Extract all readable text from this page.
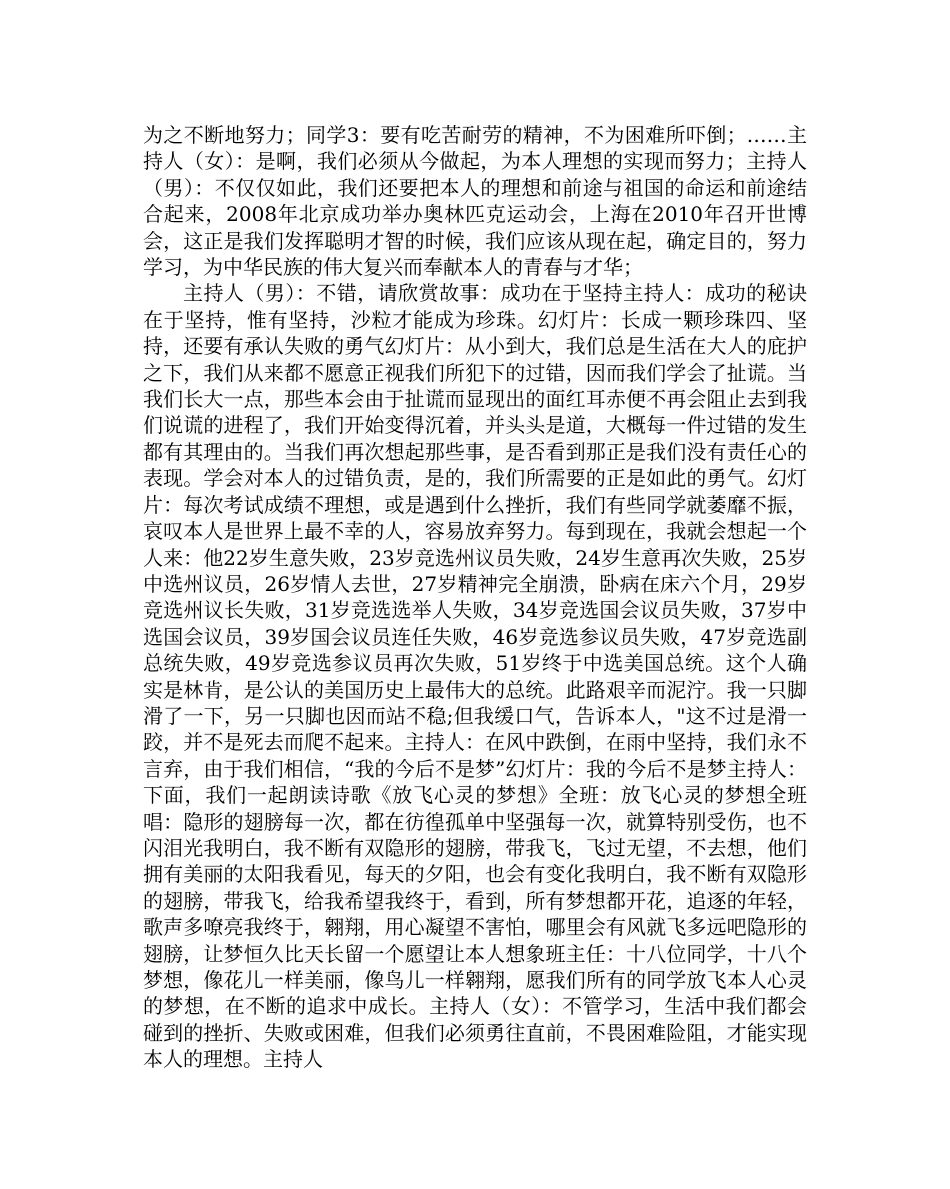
为之不断地努力；同学3：要有吃苦耐劳的精神，不为困难所吓倒；……主持人（女）：是啊，我们必须从今做起，为本人理想的实现而努力；主持人（男）：不仅仅如此，我们还要把本人的理想和前途与祖国的命运和前途结合起来，2008年北京成功举办奥林匹克运动会，上海在2010年召开世博会，这正是我们发挥聪明才智的时候，我们应该从现在起，确定目的，努力学习，为中华民族的伟大复兴而奉献本人的青春与才华；

主持人（男）：不错，请欣赏故事：成功在于坚持主持人：成功的秘诀在于坚持，惟有坚持，沙粒才能成为珍珠。幻灯片：长成一颗珍珠四、坚持，还要有承认失败的勇气幻灯片：从小到大，我们总是生活在大人的庇护之下，我们从来都不愿意正视我们所犯下的过错，因而我们学会了扯谎。当我们长大一点，那些本会由于扯谎而显现出的面红耳赤便不再会阻止去到我们说谎的进程了，我们开始变得沉着，并头头是道，大概每一件过错的发生都有其理由的。当我们再次想起那些事，是否看到那正是我们没有责任心的表现。学会对本人的过错负责，是的，我们所需要的正是如此的勇气。幻灯片：每次考试成绩不理想，或是遇到什么挫折，我们有些同学就萎靡不振，哀叹本人是世界上最不幸的人，容易放弃努力。每到现在，我就会想起一个人来：他22岁生意失败，23岁竞选州议员失败，24岁生意再次失败，25岁中选州议员，26岁情人去世，27岁精神完全崩溃，卧病在床六个月，29岁竞选州议长失败，31岁竞选选举人失败，34岁竞选国会议员失败，37岁中选国会议员，39岁国会议员连任失败，46岁竞选参议员失败，47岁竞选副总统失败，49岁竞选参议员再次失败，51岁终于中选美国总统。这个人确实是林肯，是公认的美国历史上最伟大的总统。此路艰辛而泥泞。我一只脚滑了一下，另一只脚也因而站不稳;但我缓口气，告诉本人，"这不过是滑一跤，并不是死去而爬不起来。主持人：在风中跌倒，在雨中坚持，我们永不言弃，由于我们相信，“我的今后不是梦”幻灯片：我的今后不是梦主持人：下面，我们一起朗读诗歌《放飞心灵的梦想》全班：放飞心灵的梦想全班唱：隐形的翅膀每一次，都在彷徨孤单中坚强每一次，就算特别受伤，也不闪泪光我明白，我不断有双隐形的翅膀，带我飞，飞过无望，不去想，他们拥有美丽的太阳我看见，每天的夕阳，也会有变化我明白，我不断有双隐形的翅膀，带我飞，给我希望我终于，看到，所有梦想都开花，追逐的年轻，歌声多嘹亮我终于，翱翔，用心凝望不害怕，哪里会有风就飞多远吧隐形的翅膀，让梦恒久比天长留一个愿望让本人想象班主任：十八位同学，十八个梦想，像花儿一样美丽，像鸟儿一样翱翔，愿我们所有的同学放飞本人心灵的梦想，在不断的追求中成长。主持人（女）：不管学习，生活中我们都会碰到的挫折、失败或困难，但我们必须勇往直前，不畏困难险阻，才能实现本人的理想。主持人
